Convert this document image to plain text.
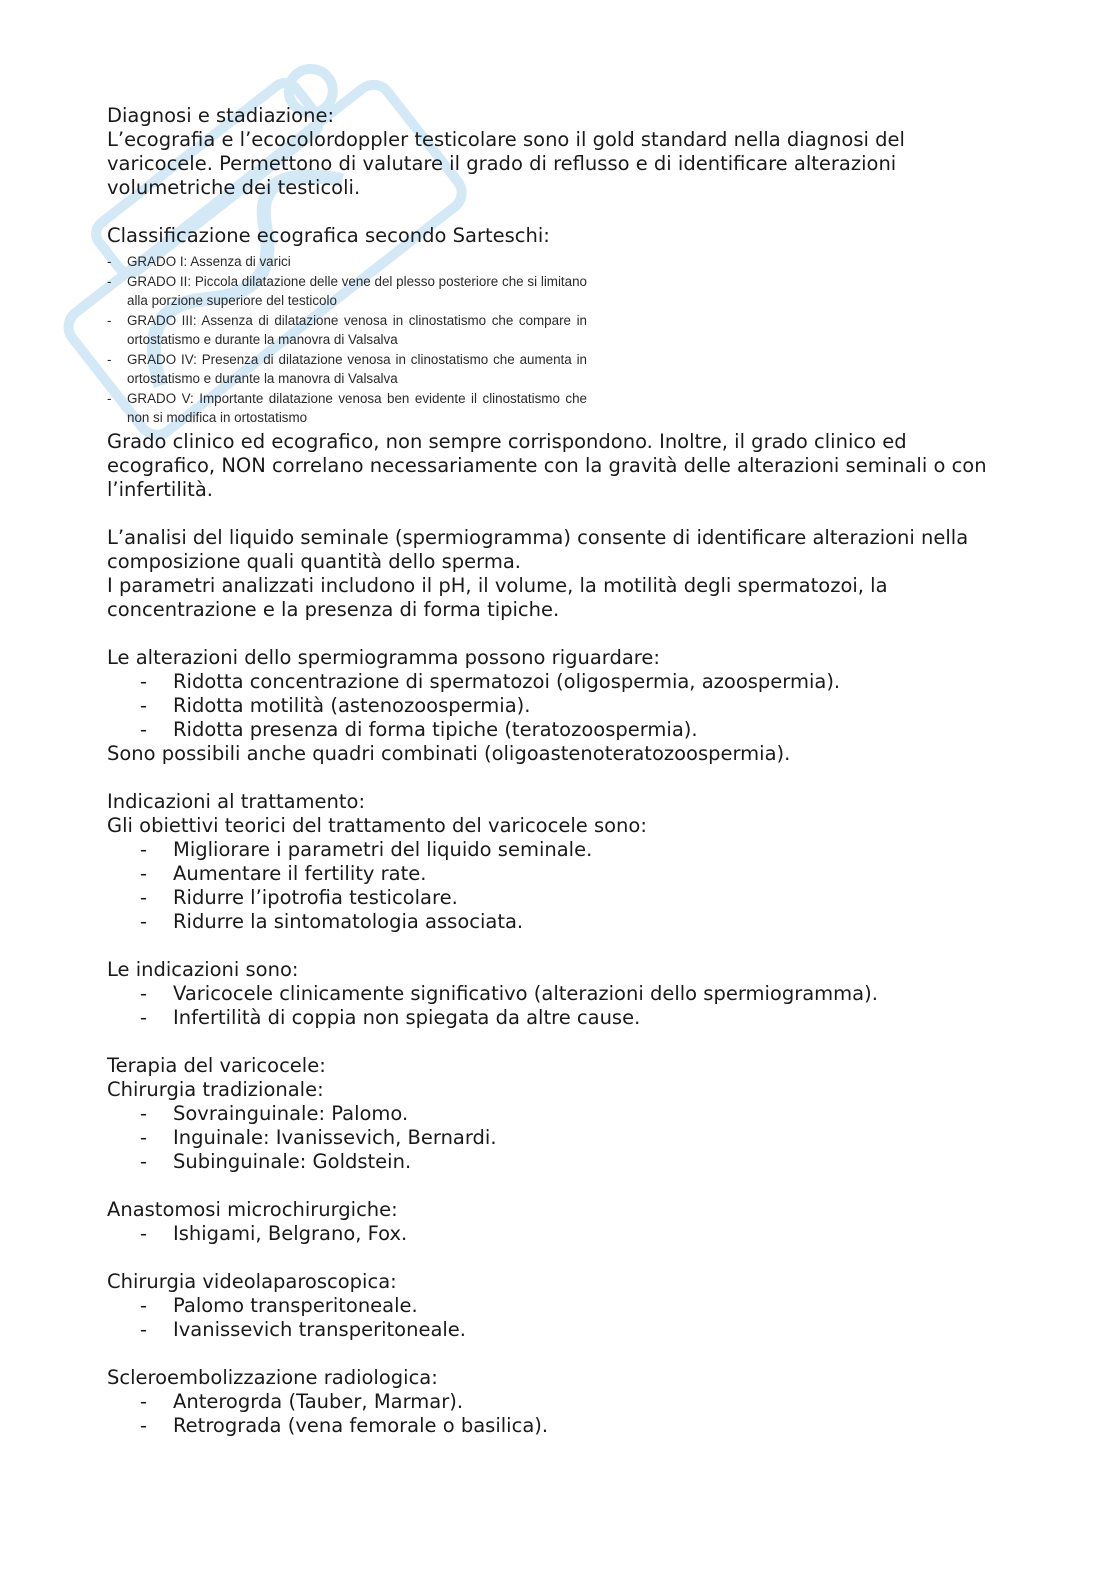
Diagnosi e stadiazione:

L’ecografia e l’ecocolordoppler testicolare sono il gold standard nella diagnosi del varicocele. Permettono di valutare il grado di reflusso e di identificare alterazioni volumetriche dei testicoli.

Classificazione ecografica secondo Sarteschi:

- GRADO I: Assenza di varici
- GRADO II: Piccola dilatazione delle vene del plesso posteriore che si limitano alla porzione superiore del testicolo
- GRADO III: Assenza di dilatazione venosa in clinostatismo che compare in ortostatismo e durante la manovra di Valsalva
- GRADO IV: Presenza di dilatazione venosa in clinostatismo che aumenta in ortostatismo e durante la manovra di Valsalva
- GRADO V: Importante dilatazione venosa ben evidente il clinostatismo che non si modifica in ortostatismo

Grado clinico ed ecografico, non sempre corrispondono. Inoltre, il grado clinico ed ecografico, NON correlano necessariamente con la gravità delle alterazioni seminali o con l’infertilità.

L’analisi del liquido seminale (spermiogramma) consente di identificare alterazioni nella composizione quali quantità dello sperma.

I parametri analizzati includono il pH, il volume, la motilità degli spermatozoi, la concentrazione e la presenza di forma tipiche.

Le alterazioni dello spermiogramma possono riguardare:

- Ridotta concentrazione di spermatozoi (oligospermia, azoospermia).
- Ridotta motilità (astenozoospermia).
- Ridotta presenza di forma tipiche (teratozoospermia).

Sono possibili anche quadri combinati (oligoastenoteratozoospermia).

Indicazioni al trattamento:

Gli obiettivi teorici del trattamento del varicocele sono:

- Migliorare i parametri del liquido seminale.
- Aumentare il fertility rate.
- Ridurre l’ipotrofia testicolare.
- Ridurre la sintomatologia associata.

Le indicazioni sono:

- Varicocele clinicamente significativo (alterazioni dello spermiogramma).
- Infertilità di coppia non spiegata da altre cause.

Terapia del varicocele:

Chirurgia tradizionale:

- Sovrainguinale: Palomo.
- Inguinale: Ivanissevich, Bernardi.
- Subinguinale: Goldstein.

Anastomosi microchirurgiche:

- Ishigami, Belgrano, Fox.

Chirurgia videolaparoscopica:

- Palomo transperitoneale.
- Ivanissevich transperitoneale.

Scleroembolizzazione radiologica:

- Anterogrda (Tauber, Marmar).
- Retrograda (vena femorale o basilica).
